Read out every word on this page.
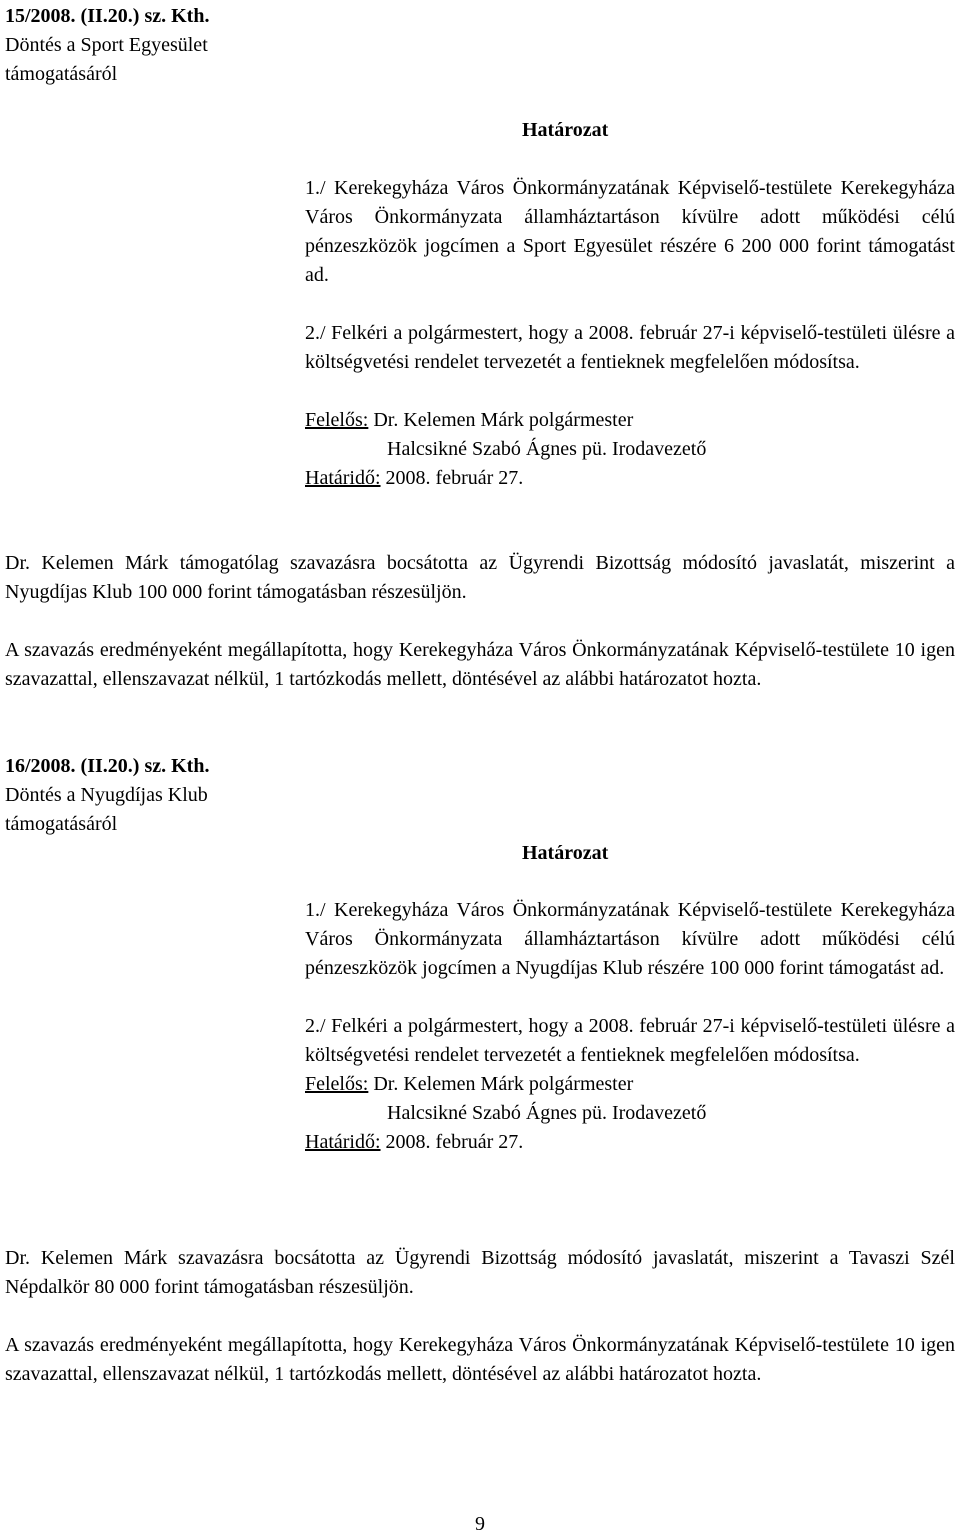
15/2008. (II.20.) sz. Kth.
Döntés a Sport Egyesület
támogatásáról
Határozat

1./ Kerekegyháza Város Önkormányzatának Képviselő-testülete Kerekegyháza Város Önkormányzata államháztartáson kívülre adott működési célú pénzeszközök jogcímen a Sport Egyesület részére 6 200 000 forint támogatást ad.

2./ Felkéri a polgármestert, hogy a 2008. február 27-i képviselő-testületi ülésre a költségvetési rendelet tervezetét a fentieknek megfelelően módosítsa.

Felelős: Dr. Kelemen Márk polgármester
Halcsikné Szabó Ágnes pü. Irodavezető
Határidő: 2008. február 27.

Dr. Kelemen Márk támogatólag szavazásra bocsátotta az Ügyrendi Bizottság módosító javaslatát, miszerint a Nyugdíjas Klub 100 000 forint támogatásban részesüljön.

A szavazás eredményeként megállapította, hogy Kerekegyháza Város Önkormányzatának Képviselő-testülete 10 igen szavazattal, ellenszavazat nélkül, 1 tartózkodás mellett, döntésével az alábbi határozatot hozta.

16/2008. (II.20.) sz. Kth.
Döntés a Nyugdíjas Klub
támogatásáról
Határozat

1./ Kerekegyháza Város Önkormányzatának Képviselő-testülete Kerekegyháza Város Önkormányzata államháztartáson kívülre adott működési célú pénzeszközök jogcímen a Nyugdíjas Klub részére 100 000 forint támogatást ad.

2./ Felkéri a polgármestert, hogy a 2008. február 27-i képviselő-testületi ülésre a költségvetési rendelet tervezetét a fentieknek megfelelően módosítsa.

Felelős: Dr. Kelemen Márk polgármester
Halcsikné Szabó Ágnes pü. Irodavezető
Határidő: 2008. február 27.

Dr. Kelemen Márk szavazásra bocsátotta az Ügyrendi Bizottság módosító javaslatát, miszerint a Tavaszi Szél Népdalkör 80 000 forint támogatásban részesüljön.

A szavazás eredményeként megállapította, hogy Kerekegyháza Város Önkormányzatának Képviselő-testülete 10 igen szavazattal, ellenszavazat nélkül, 1 tartózkodás mellett, döntésével az alábbi határozatot hozta.

9
